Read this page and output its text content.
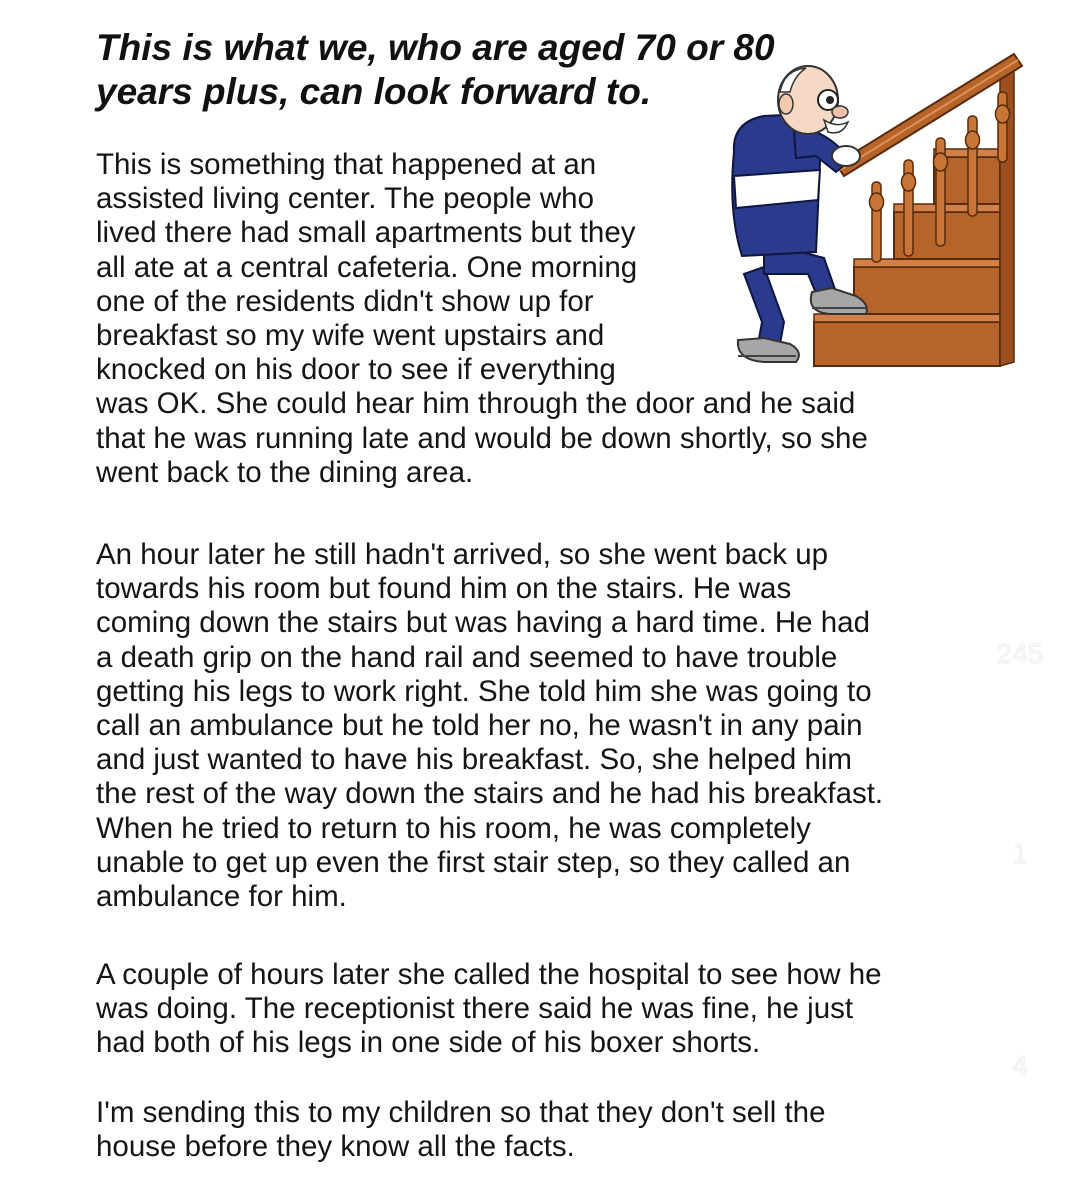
This is what we, who are aged 70 or 80
years plus, can look forward to.

This is something that happened at an
assisted living center. The people who
lived there had small apartments but they
all ate at a central cafeteria. One morning
one of the residents didn't show up for
breakfast so my wife went upstairs and
knocked on his door to see if everything
was OK. She could hear him through the door and he said
that he was running late and would be down shortly, so she
went back to the dining area.

An hour later he still hadn't arrived, so she went back up
towards his room but found him on the stairs. He was
coming down the stairs but was having a hard time. He had
a death grip on the hand rail and seemed to have trouble
getting his legs to work right. She told him she was going to
call an ambulance but he told her no, he wasn't in any pain
and just wanted to have his breakfast. So, she helped him
the rest of the way down the stairs and he had his breakfast.
When he tried to return to his room, he was completely
unable to get up even the first stair step, so they called an
ambulance for him.

A couple of hours later she called the hospital to see how he
was doing. The receptionist there said he was fine, he just
had both of his legs in one side of his boxer shorts.

I'm sending this to my children so that they don't sell the
house before they know all the facts.

245
1
4
